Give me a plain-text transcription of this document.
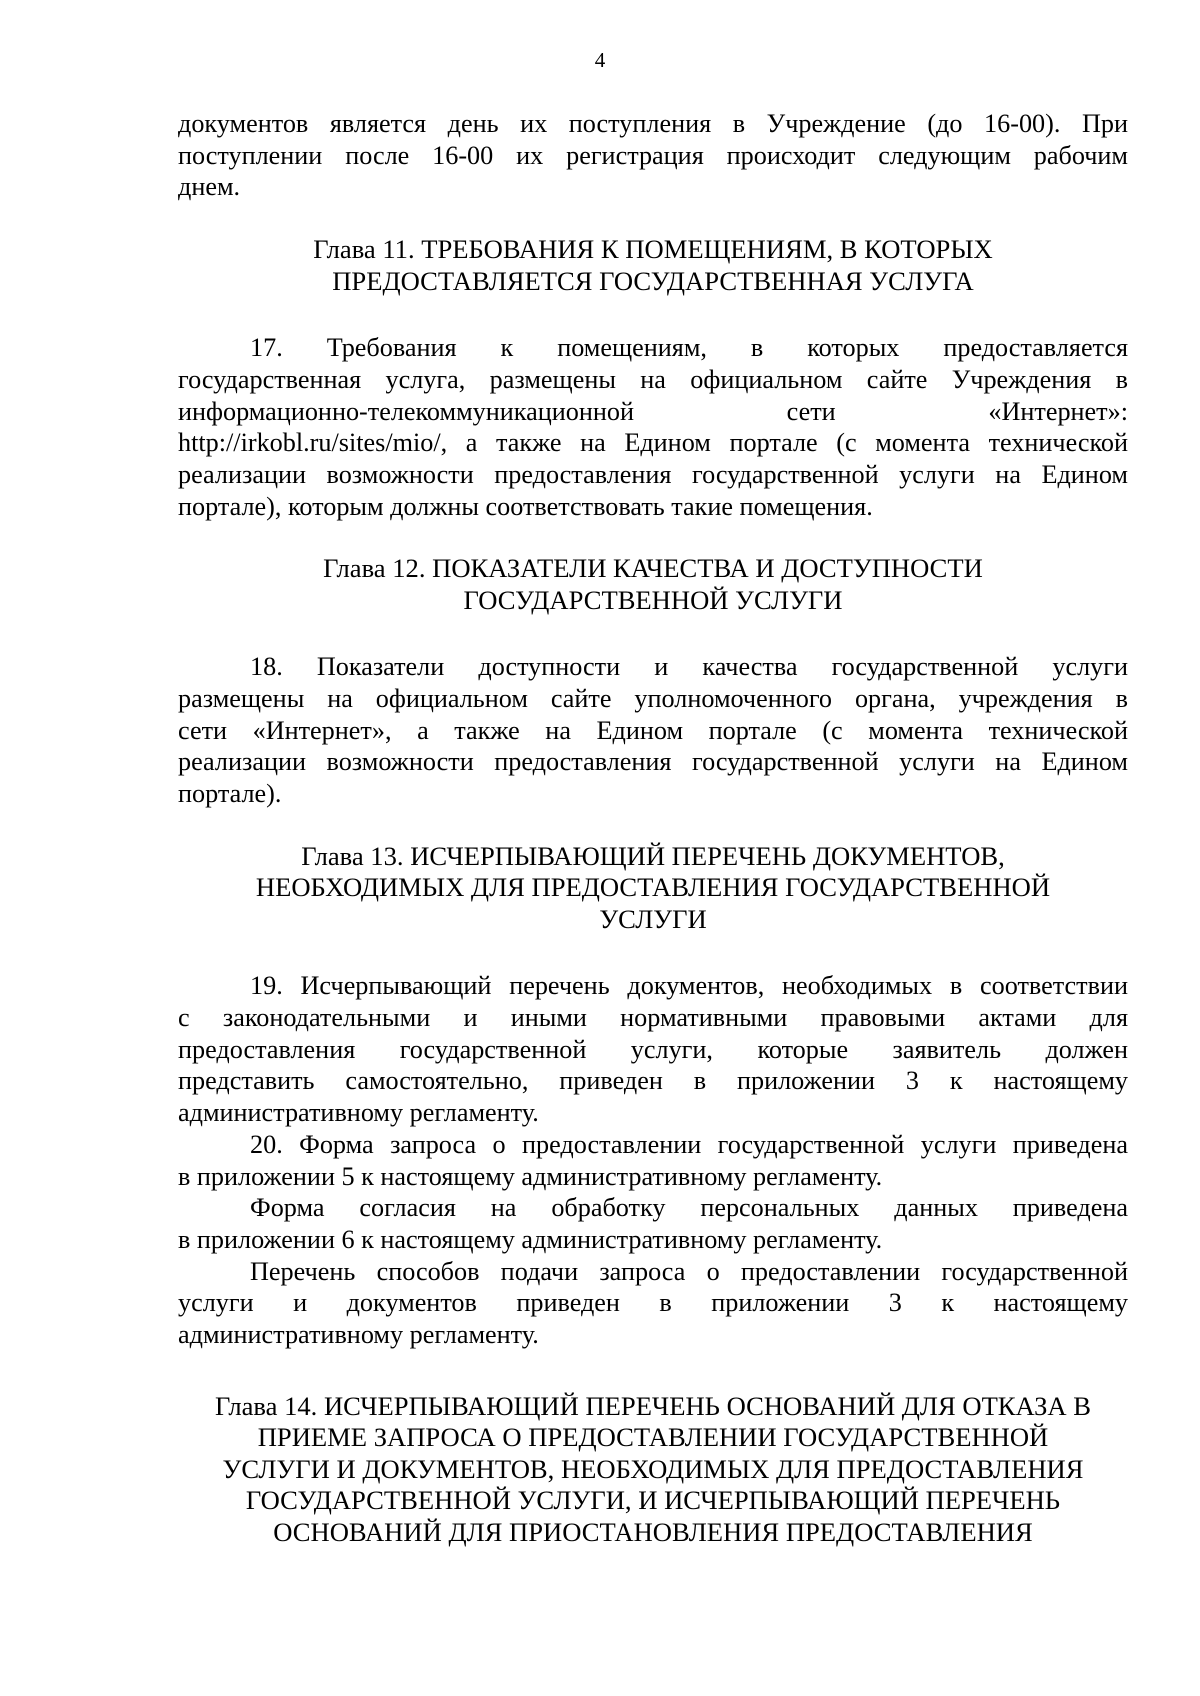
4
документов является день их поступления в Учреждение (до 16-00). При
поступлении после 16-00 их регистрация происходит следующим рабочим
днем.
Глава 11. ТРЕБОВАНИЯ К ПОМЕЩЕНИЯМ, В КОТОРЫХ
ПРЕДОСТАВЛЯЕТСЯ ГОСУДАРСТВЕННАЯ УСЛУГА
17. Требования к помещениям, в которых предоставляется
государственная услуга, размещены на официальном сайте Учреждения в
информационно-телекоммуникационной сети «Интернет»:
http://irkobl.ru/sites/mio/, а также на Едином портале (с момента технической
реализации возможности предоставления государственной услуги на Едином
портале), которым должны соответствовать такие помещения.
Глава 12. ПОКАЗАТЕЛИ КАЧЕСТВА И ДОСТУПНОСТИ
ГОСУДАРСТВЕННОЙ УСЛУГИ
18. Показатели доступности и качества государственной услуги
размещены на официальном сайте уполномоченного органа, учреждения в
сети «Интернет», а также на Едином портале (с момента технической
реализации возможности предоставления государственной услуги на Едином
портале).
Глава 13. ИСЧЕРПЫВАЮЩИЙ ПЕРЕЧЕНЬ ДОКУМЕНТОВ,
НЕОБХОДИМЫХ ДЛЯ ПРЕДОСТАВЛЕНИЯ ГОСУДАРСТВЕННОЙ
УСЛУГИ
19. Исчерпывающий перечень документов, необходимых в соответствии
с законодательными и иными нормативными правовыми актами для
предоставления государственной услуги, которые заявитель должен
представить самостоятельно, приведен в приложении 3 к настоящему
административному регламенту.
20. Форма запроса о предоставлении государственной услуги приведена
в приложении 5 к настоящему административному регламенту.
Форма согласия на обработку персональных данных приведена
в приложении 6 к настоящему административному регламенту.
Перечень способов подачи запроса о предоставлении государственной
услуги и документов приведен в приложении 3 к настоящему
административному регламенту.
Глава 14. ИСЧЕРПЫВАЮЩИЙ ПЕРЕЧЕНЬ ОСНОВАНИЙ ДЛЯ ОТКАЗА В
ПРИЕМЕ ЗАПРОСА О ПРЕДОСТАВЛЕНИИ ГОСУДАРСТВЕННОЙ
УСЛУГИ И ДОКУМЕНТОВ, НЕОБХОДИМЫХ ДЛЯ ПРЕДОСТАВЛЕНИЯ
ГОСУДАРСТВЕННОЙ УСЛУГИ, И ИСЧЕРПЫВАЮЩИЙ ПЕРЕЧЕНЬ
ОСНОВАНИЙ ДЛЯ ПРИОСТАНОВЛЕНИЯ ПРЕДОСТАВЛЕНИЯ
